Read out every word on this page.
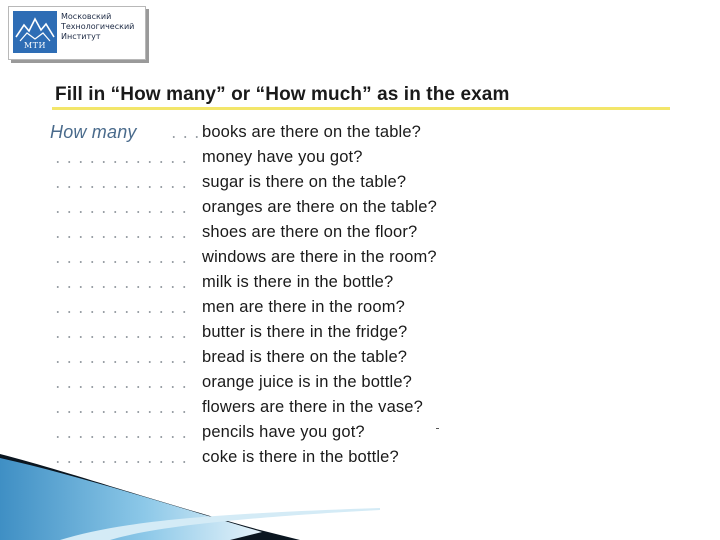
МТИ
Московский
Технологический
Институт
Fill in “How many” or “How much” as in the exam
How many	books are there on the table?
money have you got?
sugar is there on the table?
oranges are there on the table?
shoes are there on the floor?
windows are there in the room?
milk is there in the bottle?
men are there in the room?
butter is there in the fridge?
bread is there on the table?
orange juice is in the bottle?
flowers are there in the vase?
pencils have you got?
coke is there in the bottle?
